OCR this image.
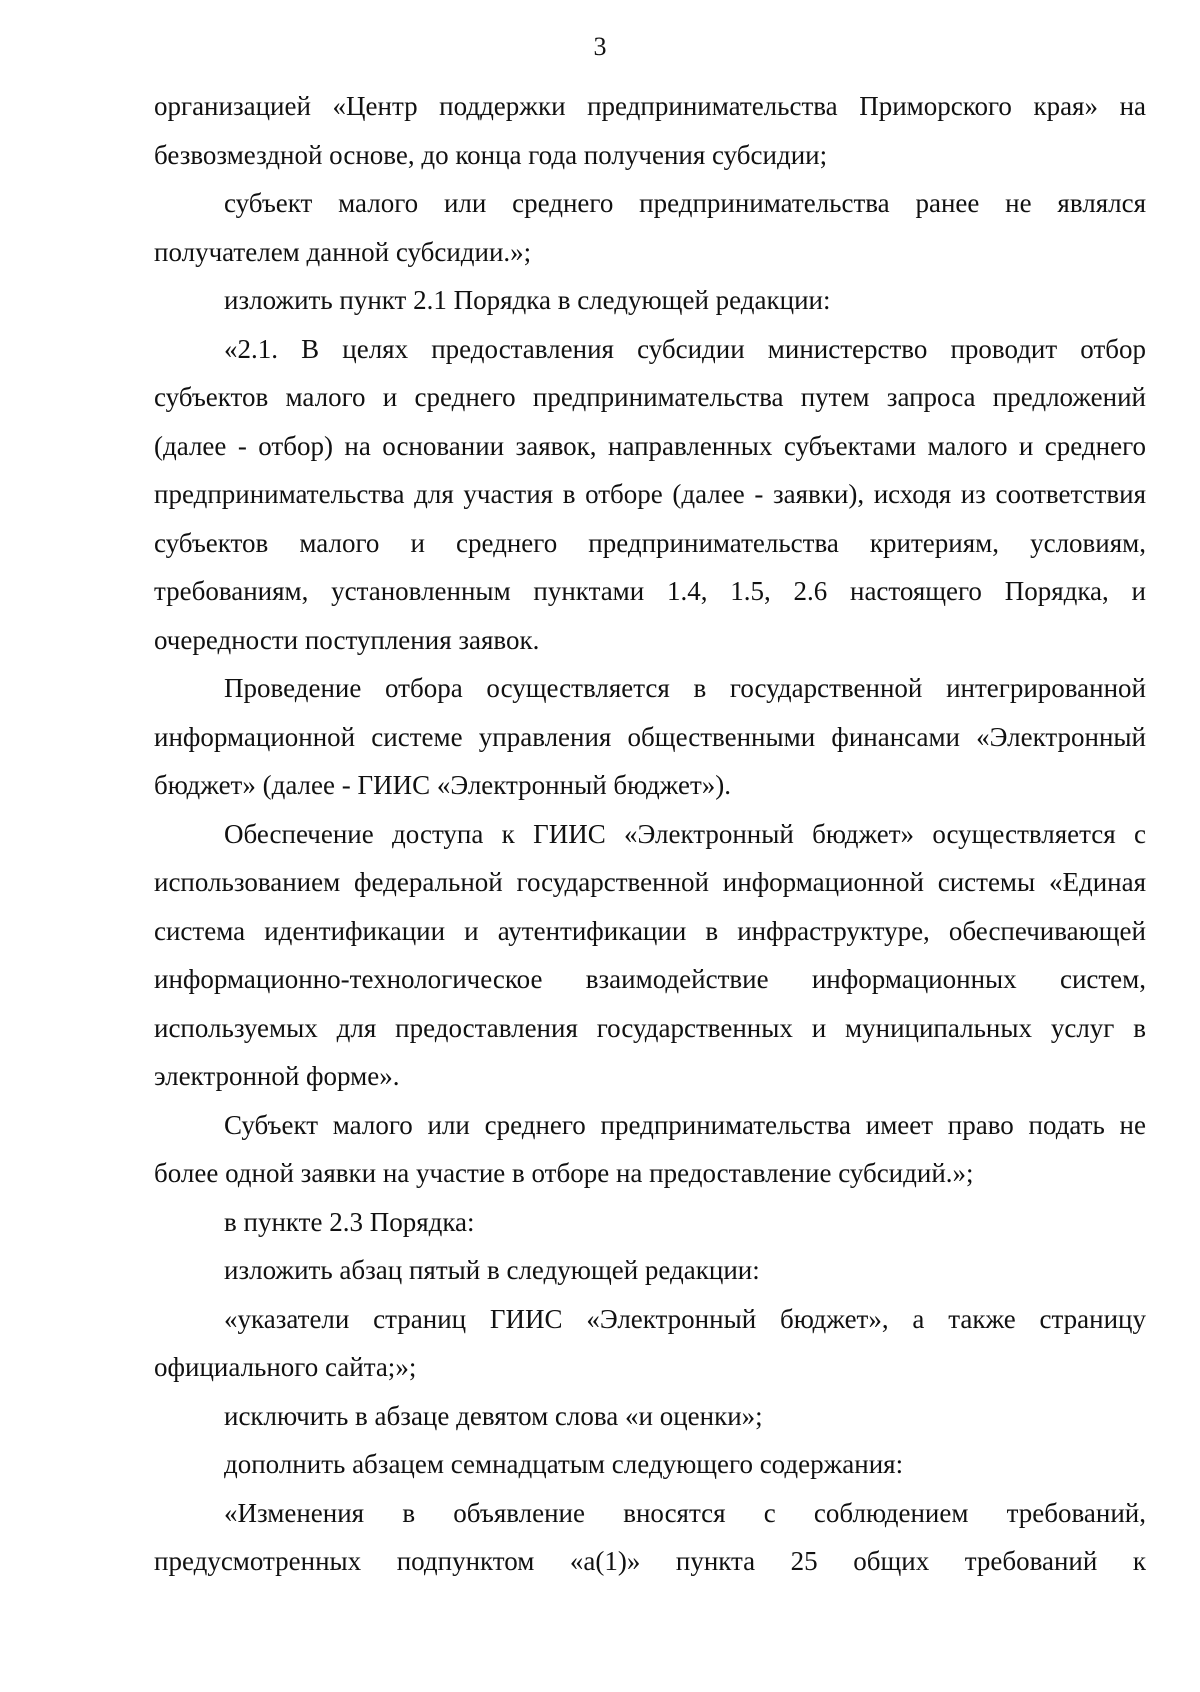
3

организацией «Центр поддержки предпринимательства Приморского края» на безвозмездной основе, до конца года получения субсидии;

субъект малого или среднего предпринимательства ранее не являлся получателем данной субсидии.»;

изложить пункт 2.1 Порядка в следующей редакции:

«2.1. В целях предоставления субсидии министерство проводит отбор субъектов малого и среднего предпринимательства путем запроса предложений (далее - отбор) на основании заявок, направленных субъектами малого и среднего предпринимательства для участия в отборе (далее - заявки), исходя из соответствия субъектов малого и среднего предпринимательства критериям, условиям, требованиям, установленным пунктами 1.4, 1.5, 2.6 настоящего Порядка, и очередности поступления заявок.

Проведение отбора осуществляется в государственной интегрированной информационной системе управления общественными финансами «Электронный бюджет» (далее - ГИИС «Электронный бюджет»).

Обеспечение доступа к ГИИС «Электронный бюджет» осуществляется с использованием федеральной государственной информационной системы «Единая система идентификации и аутентификации в инфраструктуре, обеспечивающей информационно-технологическое взаимодействие информационных систем, используемых для предоставления государственных и муниципальных услуг в электронной форме».

Субъект малого или среднего предпринимательства имеет право подать не более одной заявки на участие в отборе на предоставление субсидий.»;

в пункте 2.3 Порядка:

изложить абзац пятый в следующей редакции:

«указатели страниц ГИИС «Электронный бюджет», а также страницу официального сайта;»;

исключить в абзаце девятом слова «и оценки»;

дополнить абзацем семнадцатым следующего содержания:

«Изменения в объявление вносятся с соблюдением требований, предусмотренных подпунктом «а(1)» пункта 25 общих требований к
